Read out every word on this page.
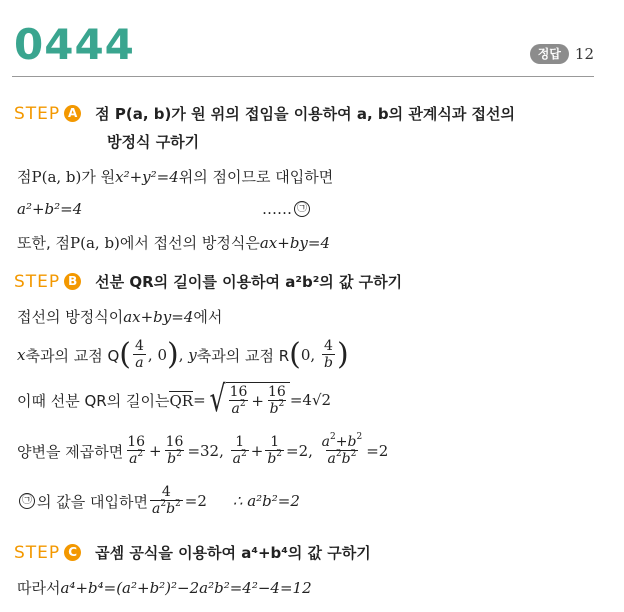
0444	정답 12
STEP A 점 P(a, b)가 원 위의 접임을 이용하여 a, b의 관계식과 접선의
방정식 구하기
점 P(a, b) 가 원 x²+y²=4 위의 점이므로 대입하면
a²+b²=4	…… ㉠
또한, 점 P(a, b) 에서 접선의 방정식은 ax+by=4
STEP B 선분 QR의 길이를 이용하여 a²b²의 값 구하기
접선의 방정식이 ax+by=4 에서
x 축과의 교점 Q ( $\frac{4}{a}$ , 0 ) , y 축과의 교점 R ( 0, $\frac{4}{b}$ )
이때 선분 QR의 길이는 QR = √ $\frac{16}{a^2} + \frac{16}{b^2} =4√2$
양변을 제곱하면 $\frac{16}{a^2} + \frac{16}{b^2} =32$, $\frac{1}{a^2} + \frac{1}{b^2} =2$, $\frac{a^2+b^2}{a^2b^2} =2$
㉠ 의 값을 대입하면 $\frac{4}{a^2b^2} =2$ ∴ a²b²=2
STEP C 곱셈 공식을 이용하여 a⁴+b⁴의 값 구하기
따라서 a⁴+b⁴=(a²+b²)²−2a²b²=4²−4=12
